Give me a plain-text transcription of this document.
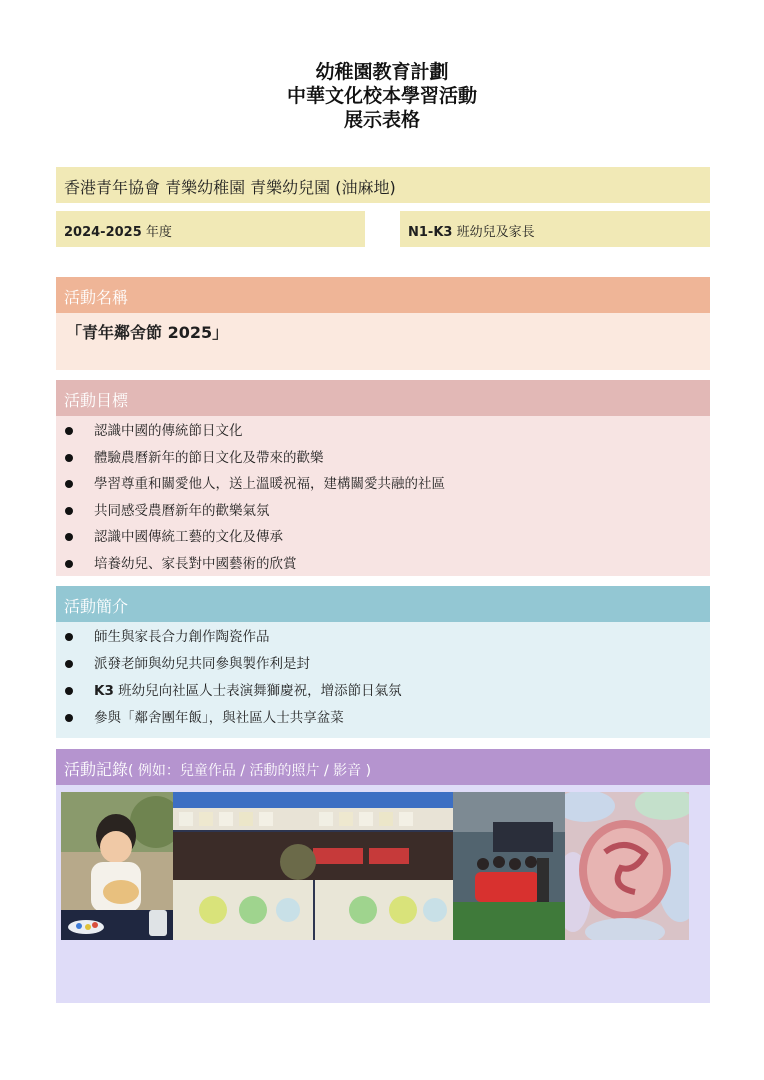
幼稚園教育計劃
中華文化校本學習活動
展示表格
香港青年協會 青樂幼稚園 青樂幼兒園 (油麻地)
2024-2025 年度	N1-K3 班幼兒及家長
活動名稱
「青年鄰舍節 2025」
活動目標
認識中國的傳統節日文化
體驗農曆新年的節日文化及帶來的歡樂
學習尊重和關愛他人，送上溫暖祝福，建構關愛共融的社區
共同感受農曆新年的歡樂氣氛
認識中國傳統工藝的文化及傳承
培養幼兒、家長對中國藝術的欣賞
活動簡介
師生與家長合力創作陶瓷作品
派發老師與幼兒共同參與製作利是封
K3 班幼兒向社區人士表演舞獅慶祝，增添節日氣氛
參與「鄰舍團年飯」，與社區人士共享盆菜
活動記錄( 例如：兒童作品 / 活動的照片 / 影音 )
